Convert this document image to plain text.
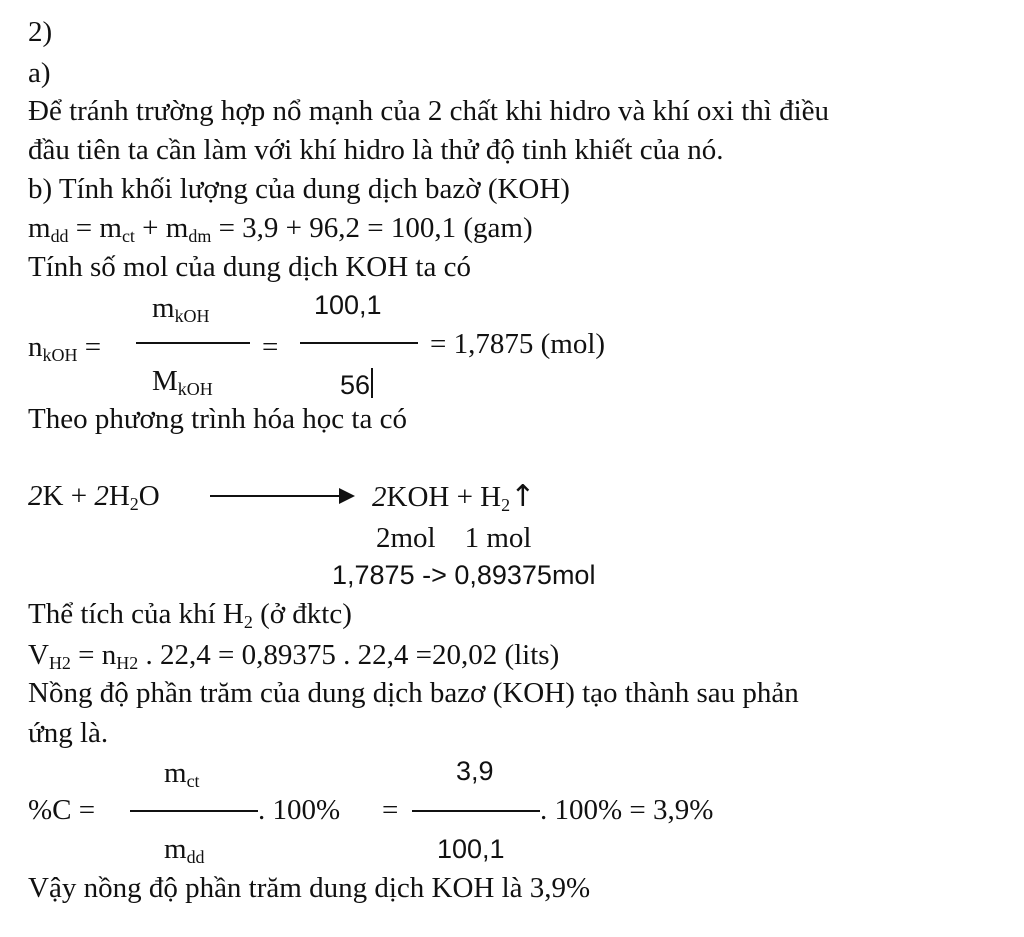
2)
a)
Để tránh trường hợp nổ mạnh của 2 chất khi hidro và khí oxi thì điều
đầu tiên ta cần làm với khí hidro là thử độ tinh khiết của nó.
b) Tính khối lượng của dung dịch bazờ (KOH)
$m_{dd} = m_{ct} + m_{dm} = 3,9 + 96,2 = 100,1$ (gam)
Tính số mol của dung dịch KOH ta có
$n_{kOH}$ =
$m_{kOH}$
$M_{kOH}$
=
100,1
56
= 1,7875 (mol)
Theo phương trình hóa học ta có
$2K + 2H_2O$	$2KOH + H_2↑$
2mol    1 mol
1,7875 -> 0,89375mol
Thể tích của khí $H_2$ (ở đktc)
$V_{H2} = n_{H2}$ . 22,4 = 0,89375 . 22,4 =20,02 (lits)
Nồng độ phần trăm của dung dịch bazơ (KOH) tạo thành sau phản
ứng là.
$m_{ct}$
%C =	. 100%
$m_{dd}$
=
3,9
100,1
. 100% = 3,9%
Vậy nồng độ phần trăm dung dịch KOH là 3,9%
